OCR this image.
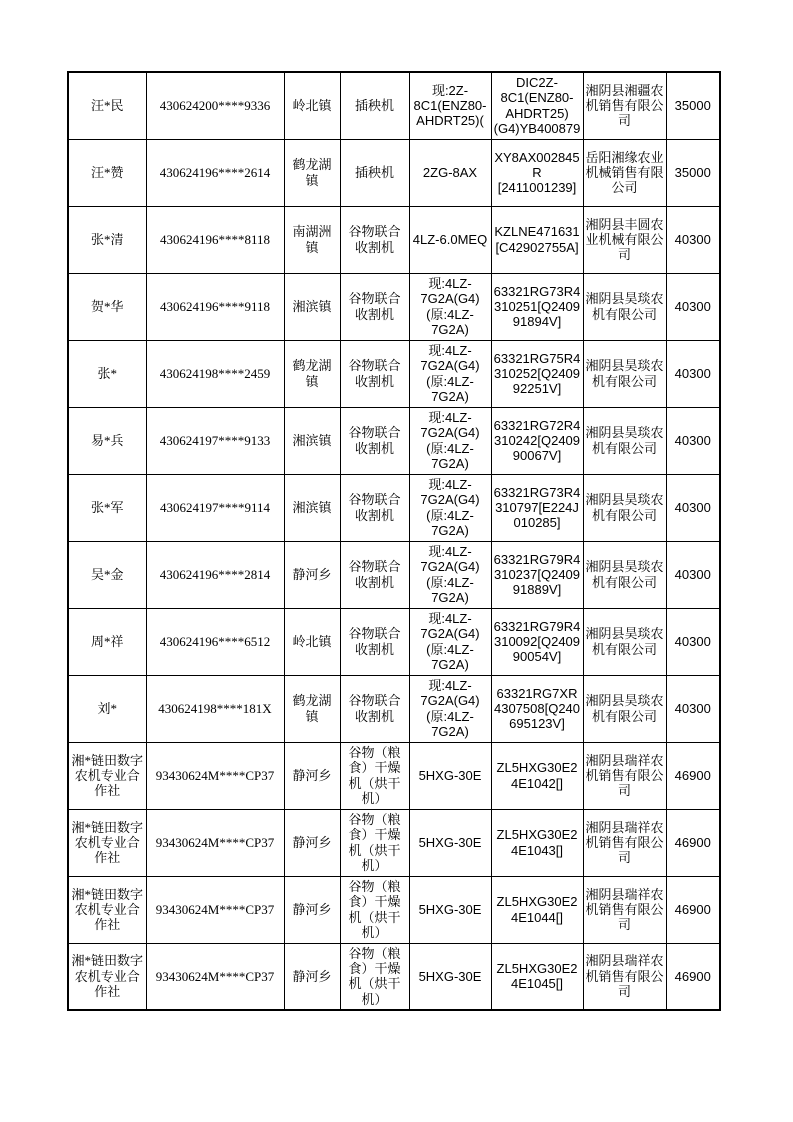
汪*民	430624200****9336	岭北镇	插秧机	现:2Z-8C1(ENZ80-AHDRT25)(	DIC2Z-8C1(ENZ80-AHDRT25)(G4)YB400879	湘阴县湘疆农机销售有限公司	35000
汪*赞	430624196****2614	鹤龙湖镇	插秧机	2ZG-8AX	XY8AX002845R [2411001239]	岳阳湘缘农业机械销售有限公司	35000
张*清	430624196****8118	南湖洲镇	谷物联合收割机	4LZ-6.0MEQ	KZLNE471631 [C42902755A]	湘阴县丰圆农业机械有限公司	40300
贺*华	430624196****9118	湘滨镇	谷物联合收割机	现:4LZ-7G2A(G4)(原:4LZ-7G2A)	63321RG73R4310251[Q240991894V]	湘阴县昊琰农机有限公司	40300
张*	430624198****2459	鹤龙湖镇	谷物联合收割机	现:4LZ-7G2A(G4)(原:4LZ-7G2A)	63321RG75R4310252[Q240992251V]	湘阴县昊琰农机有限公司	40300
易*兵	430624197****9133	湘滨镇	谷物联合收割机	现:4LZ-7G2A(G4)(原:4LZ-7G2A)	63321RG72R4310242[Q240990067V]	湘阴县昊琰农机有限公司	40300
张*军	430624197****9114	湘滨镇	谷物联合收割机	现:4LZ-7G2A(G4)(原:4LZ-7G2A)	63321RG73R4310797[E224J010285]	湘阴县昊琰农机有限公司	40300
吴*金	430624196****2814	静河乡	谷物联合收割机	现:4LZ-7G2A(G4)(原:4LZ-7G2A)	63321RG79R4310237[Q240991889V]	湘阴县昊琰农机有限公司	40300
周*祥	430624196****6512	岭北镇	谷物联合收割机	现:4LZ-7G2A(G4)(原:4LZ-7G2A)	63321RG79R4310092[Q240990054V]	湘阴县昊琰农机有限公司	40300
刘*	430624198****181X	鹤龙湖镇	谷物联合收割机	现:4LZ-7G2A(G4)(原:4LZ-7G2A)	63321RG7XR4307508[Q240695123V]	湘阴县昊琰农机有限公司	40300
湘*链田数字农机专业合作社	93430624M****CP37	静河乡	谷物（粮食）干燥机（烘干机）	5HXG-30E	ZL5HXG30E24E1042[]	湘阴县瑞祥农机销售有限公司	46900
湘*链田数字农机专业合作社	93430624M****CP37	静河乡	谷物（粮食）干燥机（烘干机）	5HXG-30E	ZL5HXG30E24E1043[]	湘阴县瑞祥农机销售有限公司	46900
湘*链田数字农机专业合作社	93430624M****CP37	静河乡	谷物（粮食）干燥机（烘干机）	5HXG-30E	ZL5HXG30E24E1044[]	湘阴县瑞祥农机销售有限公司	46900
湘*链田数字农机专业合作社	93430624M****CP37	静河乡	谷物（粮食）干燥机（烘干机）	5HXG-30E	ZL5HXG30E24E1045[]	湘阴县瑞祥农机销售有限公司	46900
